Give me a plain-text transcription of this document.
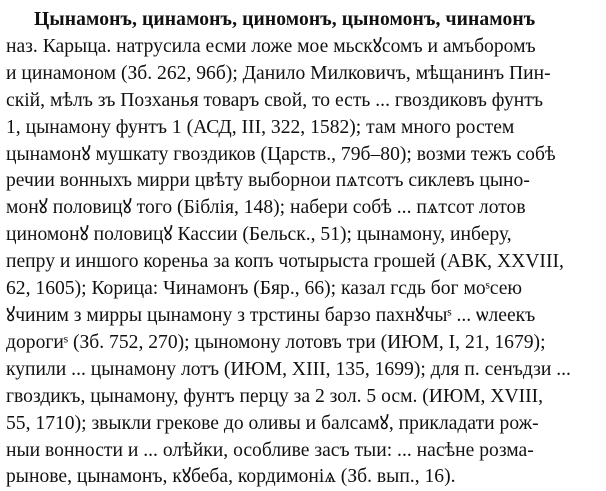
Цынамонъ, цинамонъ, циномонъ, цыномонъ, чинамонъ
наз. Карыца. натрусила есми ложе мое мьскꙋсомъ и амъборомъ
и цинамоном (Зб. 262, 96б); Данило Милковичъ, мѣщанинъ Пин-
скій, мѣлъ зъ Позханья товаръ свой, то есть ... гвоздиковъ фунтъ
1, цынамону фунтъ 1 (АСД, III, 322, 1582); там много ростем
цынамонꙋ мушкату гвоздиков (Царств., 79б–80); возми тежъ собѣ
речии вонныхъ мирри цвѣту выборнои пѧтсотъ сиклевъ цыно-
монꙋ половицꙋ того (Біблія, 148); набери собѣ ... пѧтсот лотов
циномонꙋ половицꙋ Кассии (Бельск., 51); цынамону, инберу,
пепру и иншого кореньа за копъ чотырыста грошей (АВК, XXVIII,
62, 1605); Корица: Чинамонъ (Бяр., 66); казал гсдь бог моˢсею
ꙋчиним з мирры цынамону з трстины барзо пахнꙋчыˢ ... ѡлеекъ
дорогиˢ (Зб. 752, 270); цыномону лотовъ три (ИЮМ, I, 21, 1679);
купили ... цынамону лотъ (ИЮМ, XIII, 135, 1699); для п. сенъдзи ...
гвоздикъ, цынамону, фунтъ перцу за 2 зол. 5 осм. (ИЮМ, XVIII,
55, 1710); звыкли грекове до оливы и балсамꙋ, прикладати рож-
ныи вонности и ... олѣйки, особливе засъ тыи: ... насѣне розма-
рынове, цынамонъ, кꙋбеба, кордимоніѧ (Зб. вып., 16).
